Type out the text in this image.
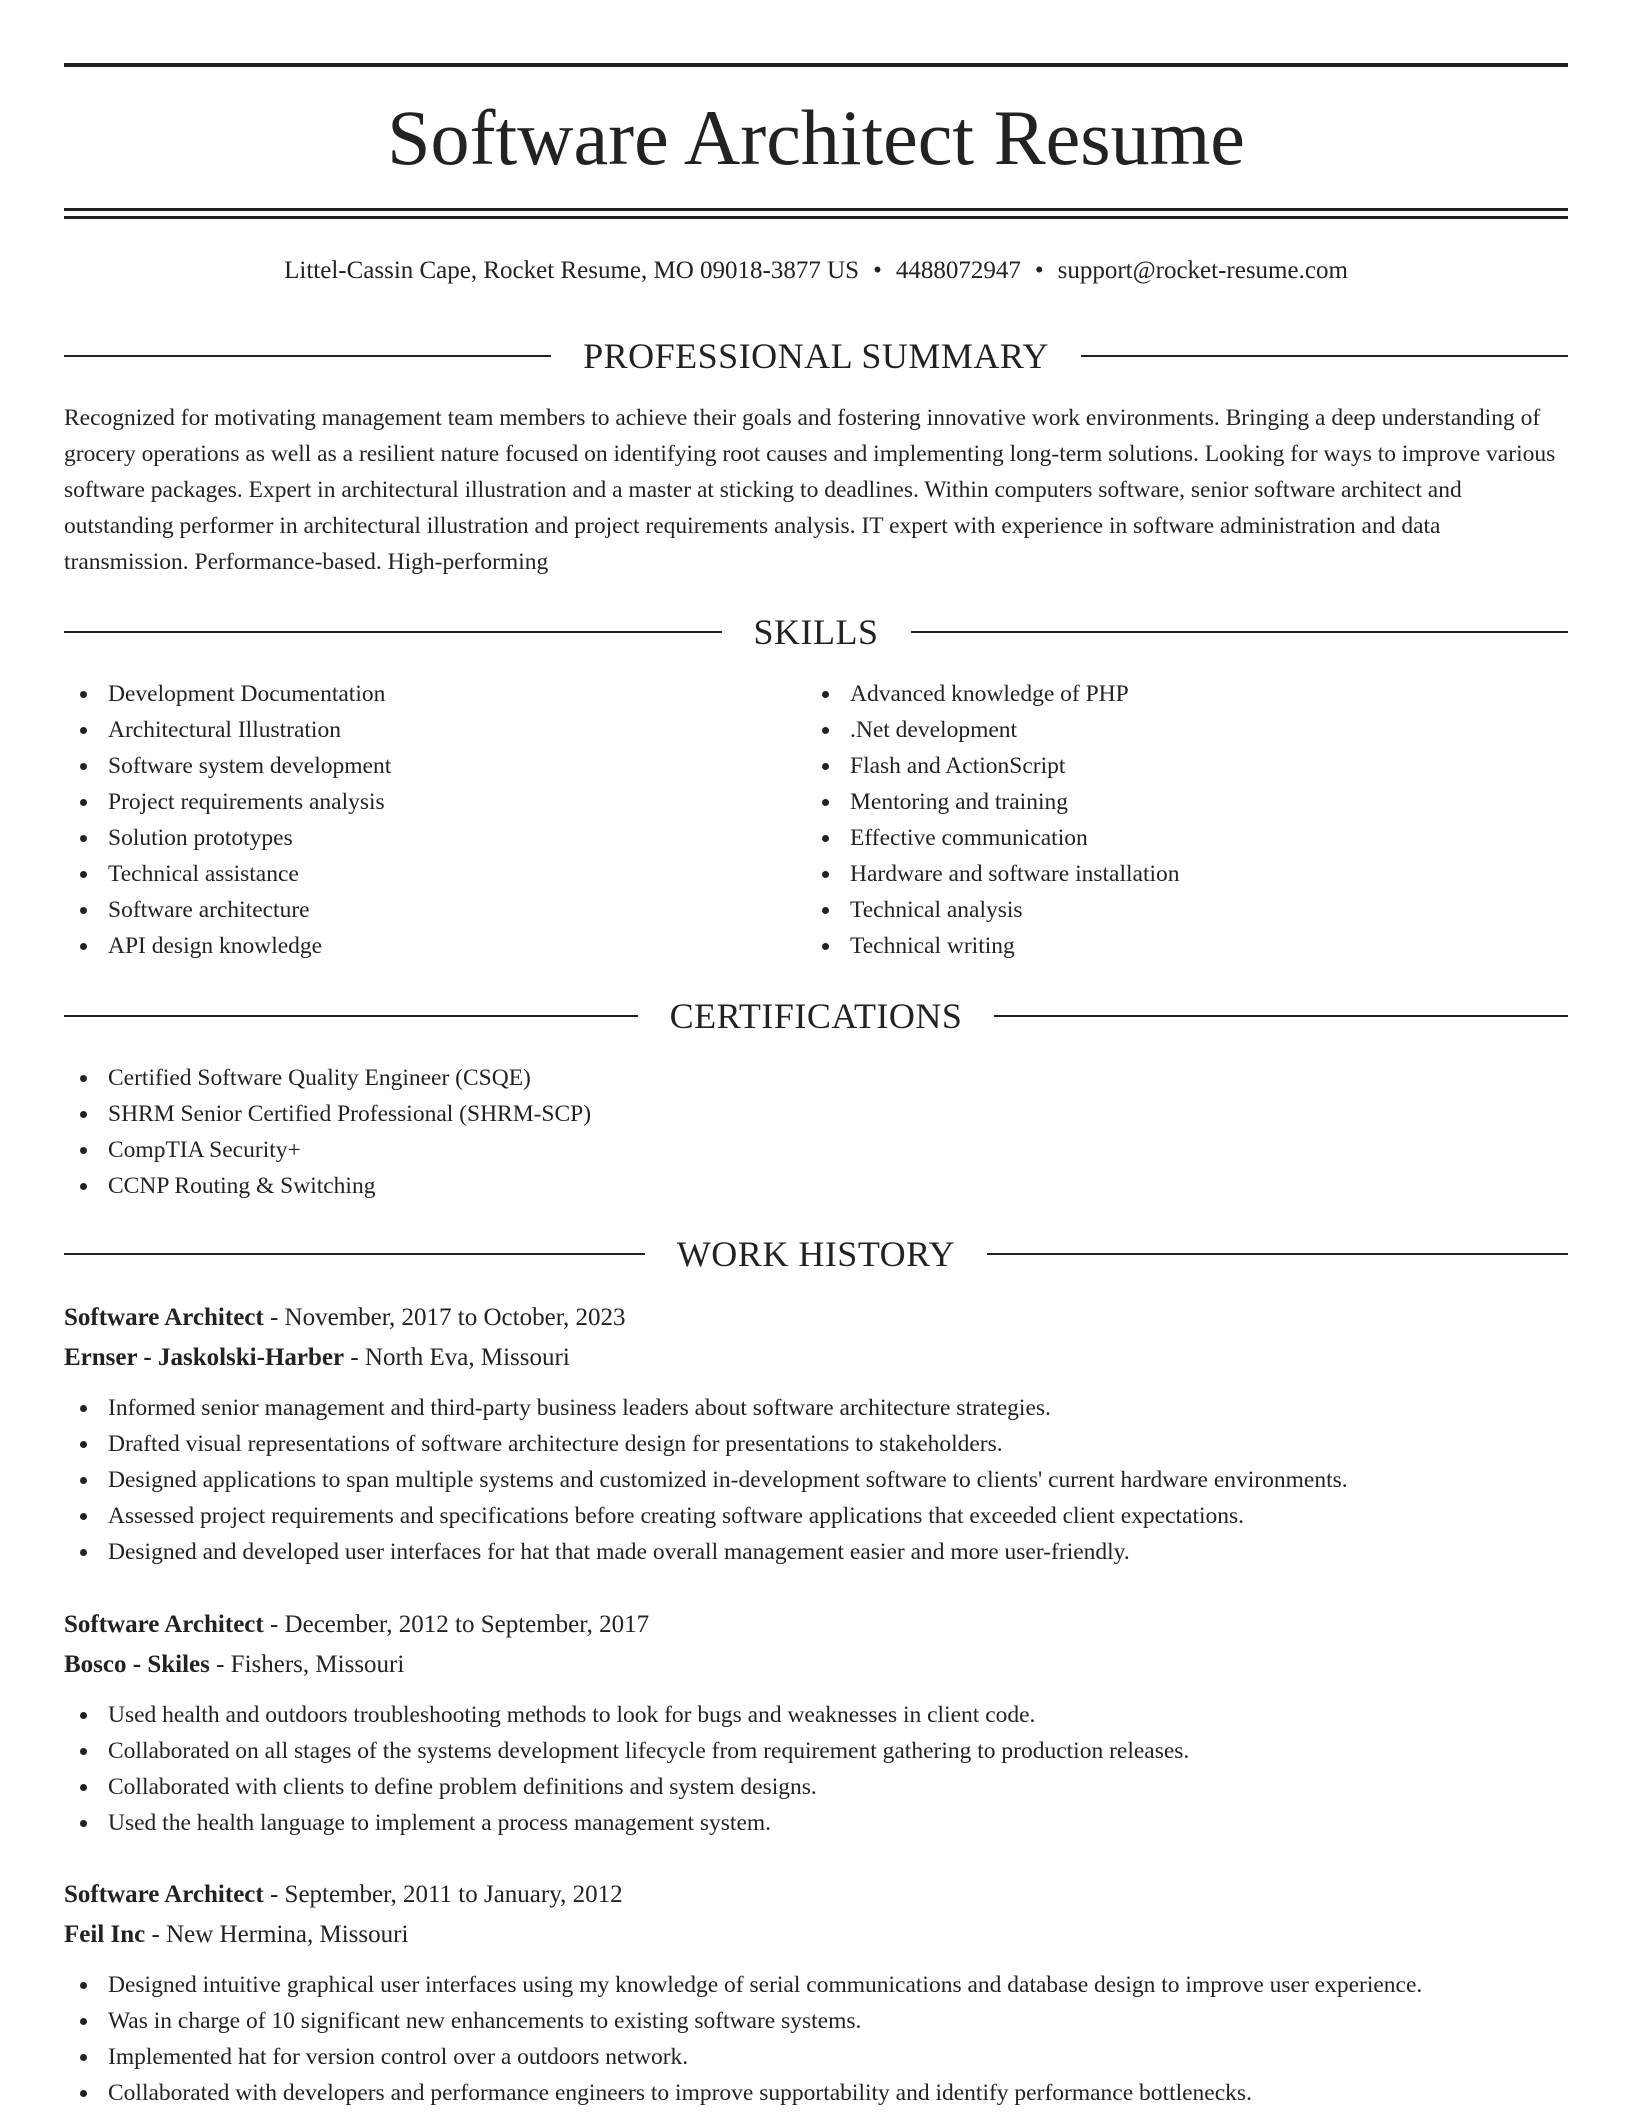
Software Architect Resume
Littel-Cassin Cape, Rocket Resume, MO 09018-3877 US • 4488072947 • support@rocket-resume.com
PROFESSIONAL SUMMARY

Recognized for motivating management team members to achieve their goals and fostering innovative work environments. Bringing a deep understanding of grocery operations as well as a resilient nature focused on identifying root causes and implementing long-term solutions. Looking for ways to improve various software packages. Expert in architectural illustration and a master at sticking to deadlines. Within computers software, senior software architect and outstanding performer in architectural illustration and project requirements analysis. IT expert with experience in software administration and data transmission. Performance-based. High-performing

SKILLS
Development Documentation
Architectural Illustration
Software system development
Project requirements analysis
Solution prototypes
Technical assistance
Software architecture
API design knowledge
Advanced knowledge of PHP
.Net development
Flash and ActionScript
Mentoring and training
Effective communication
Hardware and software installation
Technical analysis
Technical writing
CERTIFICATIONS
Certified Software Quality Engineer (CSQE)
SHRM Senior Certified Professional (SHRM-SCP)
CompTIA Security+
CCNP Routing & Switching
WORK HISTORY
Software Architect - November, 2017 to October, 2023
Ernser - Jaskolski-Harber - North Eva, Missouri
Informed senior management and third-party business leaders about software architecture strategies.
Drafted visual representations of software architecture design for presentations to stakeholders.
Designed applications to span multiple systems and customized in-development software to clients' current hardware environments.
Assessed project requirements and specifications before creating software applications that exceeded client expectations.
Designed and developed user interfaces for hat that made overall management easier and more user-friendly.
Software Architect - December, 2012 to September, 2017
Bosco - Skiles - Fishers, Missouri
Used health and outdoors troubleshooting methods to look for bugs and weaknesses in client code.
Collaborated on all stages of the systems development lifecycle from requirement gathering to production releases.
Collaborated with clients to define problem definitions and system designs.
Used the health language to implement a process management system.
Software Architect - September, 2011 to January, 2012
Feil Inc - New Hermina, Missouri
Designed intuitive graphical user interfaces using my knowledge of serial communications and database design to improve user experience.
Was in charge of 10 significant new enhancements to existing software systems.
Implemented hat for version control over a outdoors network.
Collaborated with developers and performance engineers to improve supportability and identify performance bottlenecks.
